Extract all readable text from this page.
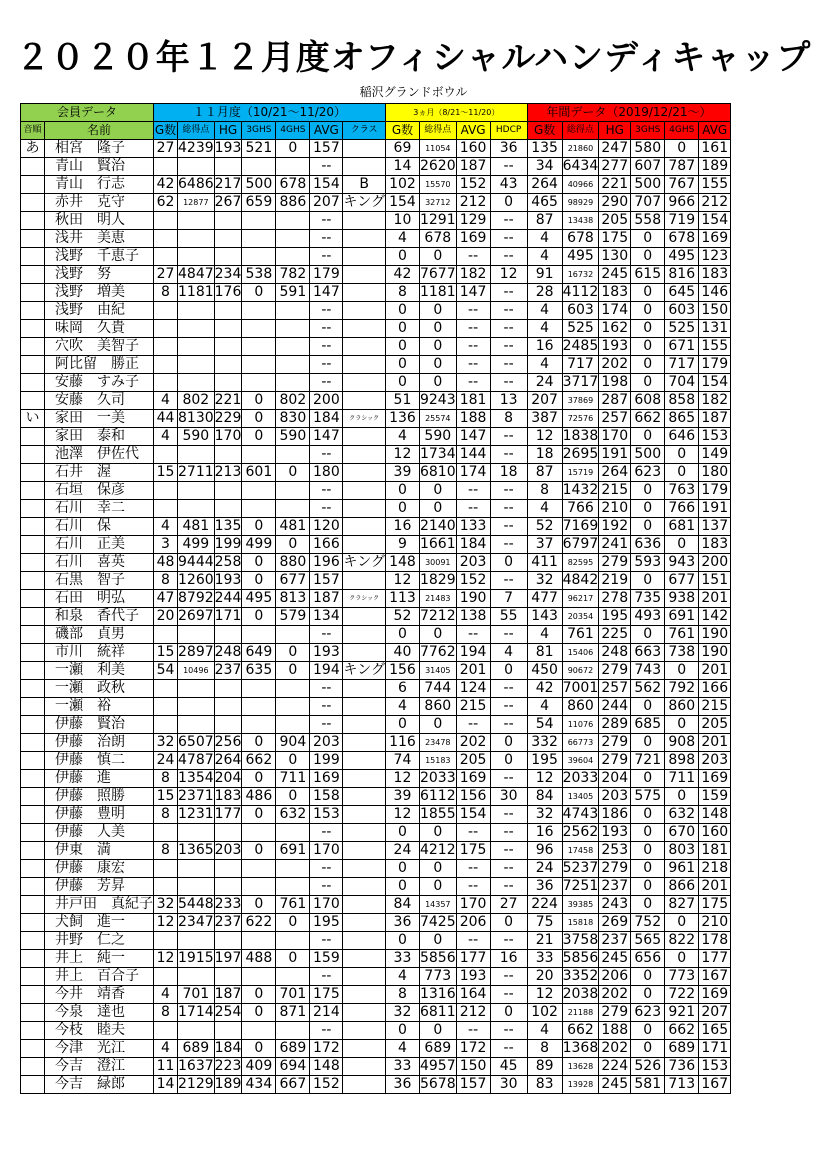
２０２０年１２月度オフィシャルハンディキャップ
稲沢グランドボウル
会員データ		１１月度（10/21～11/20）							3ヵ月（8/21～11/20）				年間データ（2019/12/21～）					
音順	名前	G数	総得点	HG	3GHS	4GHS	AVG	クラス	G数	総得点	AVG	HDCP	G数	総得点	HG	3GHS	4GHS	AVG
あ	相宮　隆子	27	4239	193	521	0	157		69	11054	160	36	135	21860	247	580	0	161
	青山　賢治						--		14	2620	187	--	34	6434	277	607	787	189
	青山　行志	42	6486	217	500	678	154	B	102	15570	152	43	264	40966	221	500	767	155
	赤井　克守	62	12877	267	659	886	207	キング	154	32712	212	0	465	98929	290	707	966	212
	秋田　明人						--		10	1291	129	--	87	13438	205	558	719	154
	浅井　美恵						--		4	678	169	--	4	678	175	0	678	169
	浅野　千恵子						--		0	0	--	--	4	495	130	0	495	123
	浅野　努	27	4847	234	538	782	179		42	7677	182	12	91	16732	245	615	816	183
	浅野　増美	8	1181	176	0	591	147		8	1181	147	--	28	4112	183	0	645	146
	浅野　由紀						--		0	0	--	--	4	603	174	0	603	150
	味岡　久貴						--		0	0	--	--	4	525	162	0	525	131
	穴吹　美智子						--		0	0	--	--	16	2485	193	0	671	155
	阿比留　勝正						--		0	0	--	--	4	717	202	0	717	179
	安藤　すみ子						--		0	0	--	--	24	3717	198	0	704	154
	安藤　久司	4	802	221	0	802	200		51	9243	181	13	207	37869	287	608	858	182
い	家田　一美	44	8130	229	0	830	184	クラシック	136	25574	188	8	387	72576	257	662	865	187
	家田　泰和	4	590	170	0	590	147		4	590	147	--	12	1838	170	0	646	153
	池澤　伊佐代						--		12	1734	144	--	18	2695	191	500	0	149
	石井　渥	15	2711	213	601	0	180		39	6810	174	18	87	15719	264	623	0	180
	石垣　保彦						--		0	0	--	--	8	1432	215	0	763	179
	石川　幸二						--		0	0	--	--	4	766	210	0	766	191
	石川　保	4	481	135	0	481	120		16	2140	133	--	52	7169	192	0	681	137
	石川　正美	3	499	199	499	0	166		9	1661	184	--	37	6797	241	636	0	183
	石川　喜英	48	9444	258	0	880	196	キング	148	30091	203	0	411	82595	279	593	943	200
	石黒　智子	8	1260	193	0	677	157		12	1829	152	--	32	4842	219	0	677	151
	石田　明弘	47	8792	244	495	813	187	クラシック	113	21483	190	7	477	96217	278	735	938	201
	和泉　香代子	20	2697	171	0	579	134		52	7212	138	55	143	20354	195	493	691	142
	磯部　貞男						--		0	0	--	--	4	761	225	0	761	190
	市川　統祥	15	2897	248	649	0	193		40	7762	194	4	81	15406	248	663	738	190
	一瀬　利美	54	10496	237	635	0	194	キング	156	31405	201	0	450	90672	279	743	0	201
	一瀬　政秋						--		6	744	124	--	42	7001	257	562	792	166
	一瀬　裕						--		4	860	215	--	4	860	244	0	860	215
	伊藤　賢治						--		0	0	--	--	54	11076	289	685	0	205
	伊藤　治朗	32	6507	256	0	904	203		116	23478	202	0	332	66773	279	0	908	201
	伊藤　慎二	24	4787	264	662	0	199		74	15183	205	0	195	39604	279	721	898	203
	伊藤　進	8	1354	204	0	711	169		12	2033	169	--	12	2033	204	0	711	169
	伊藤　照勝	15	2371	183	486	0	158		39	6112	156	30	84	13405	203	575	0	159
	伊藤　豊明	8	1231	177	0	632	153		12	1855	154	--	32	4743	186	0	632	148
	伊藤　人美						--		0	0	--	--	16	2562	193	0	670	160
	伊東　満	8	1365	203	0	691	170		24	4212	175	--	96	17458	253	0	803	181
	伊藤　康宏						--		0	0	--	--	24	5237	279	0	961	218
	伊藤　芳昇						--		0	0	--	--	36	7251	237	0	866	201
	井戸田　真紀子	32	5448	233	0	761	170		84	14357	170	27	224	39385	243	0	827	175
	犬飼　進一	12	2347	237	622	0	195		36	7425	206	0	75	15818	269	752	0	210
	井野　仁之						--		0	0	--	--	21	3758	237	565	822	178
	井上　純一	12	1915	197	488	0	159		33	5856	177	16	33	5856	245	656	0	177
	井上　百合子						--		4	773	193	--	20	3352	206	0	773	167
	今井　靖香	4	701	187	0	701	175		8	1316	164	--	12	2038	202	0	722	169
	今泉　達也	8	1714	254	0	871	214		32	6811	212	0	102	21188	279	623	921	207
	今枝　睦夫						--		0	0	--	--	4	662	188	0	662	165
	今津　光江	4	689	184	0	689	172		4	689	172	--	8	1368	202	0	689	171
	今吉　澄江	11	1637	223	409	694	148		33	4957	150	45	89	13628	224	526	736	153
	今吉　緑郎	14	2129	189	434	667	152		36	5678	157	30	83	13928	245	581	713	167
